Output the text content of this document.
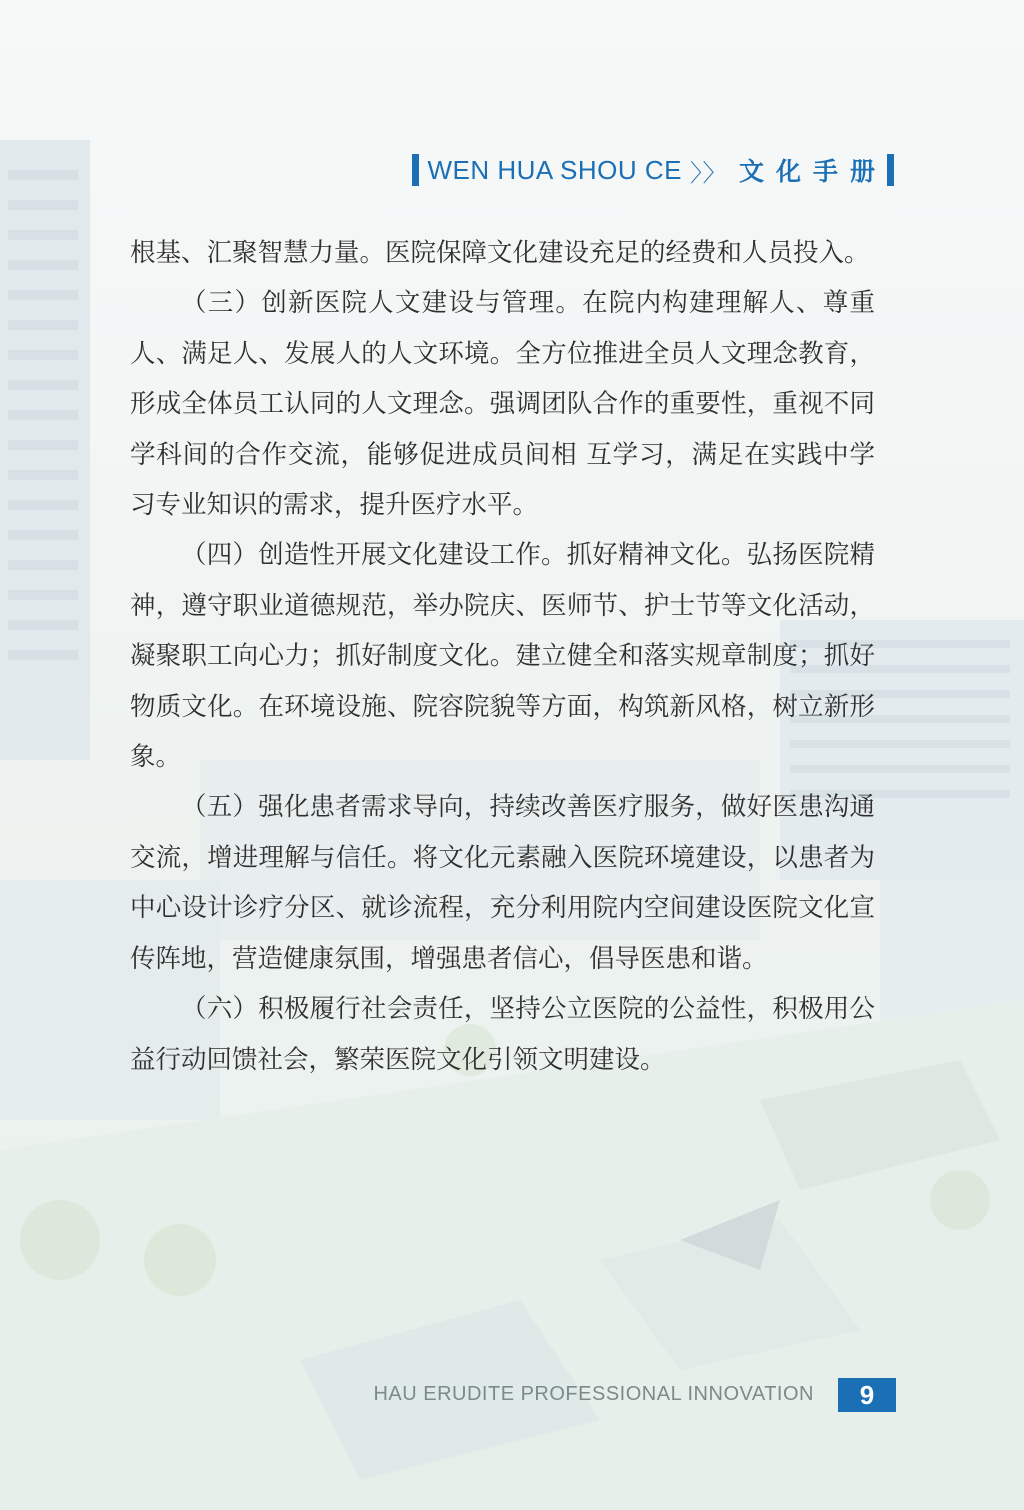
WEN HUA SHOU CE 〉〉 文化手册

根基、汇聚智慧力量。医院保障文化建设充足的经费和人员投入。

（三）创新医院人文建设与管理。在院内构建理解人、尊重人、满足人、发展人的人文环境。全方位推进全员人文理念教育，形成全体员工认同的人文理念。强调团队合作的重要性，重视不同学科间的合作交流，能够促进成员间相 互学习，满足在实践中学习专业知识的需求，提升医疗水平。

（四）创造性开展文化建设工作。抓好精神文化。弘扬医院精神，遵守职业道德规范，举办院庆、医师节、护士节等文化活动，凝聚职工向心力；抓好制度文化。建立健全和落实规章制度；抓好物质文化。在环境设施、院容院貌等方面，构筑新风格，树立新形象。

（五）强化患者需求导向，持续改善医疗服务，做好医患沟通交流，增进理解与信任。将文化元素融入医院环境建设，以患者为中心设计诊疗分区、就诊流程，充分利用院内空间建设医院文化宣传阵地，营造健康氛围，增强患者信心，倡导医患和谐。

（六）积极履行社会责任，坚持公立医院的公益性，积极用公益行动回馈社会，繁荣医院文化引领文明建设。

HAU ERUDITE PROFESSIONAL INNOVATION	9
